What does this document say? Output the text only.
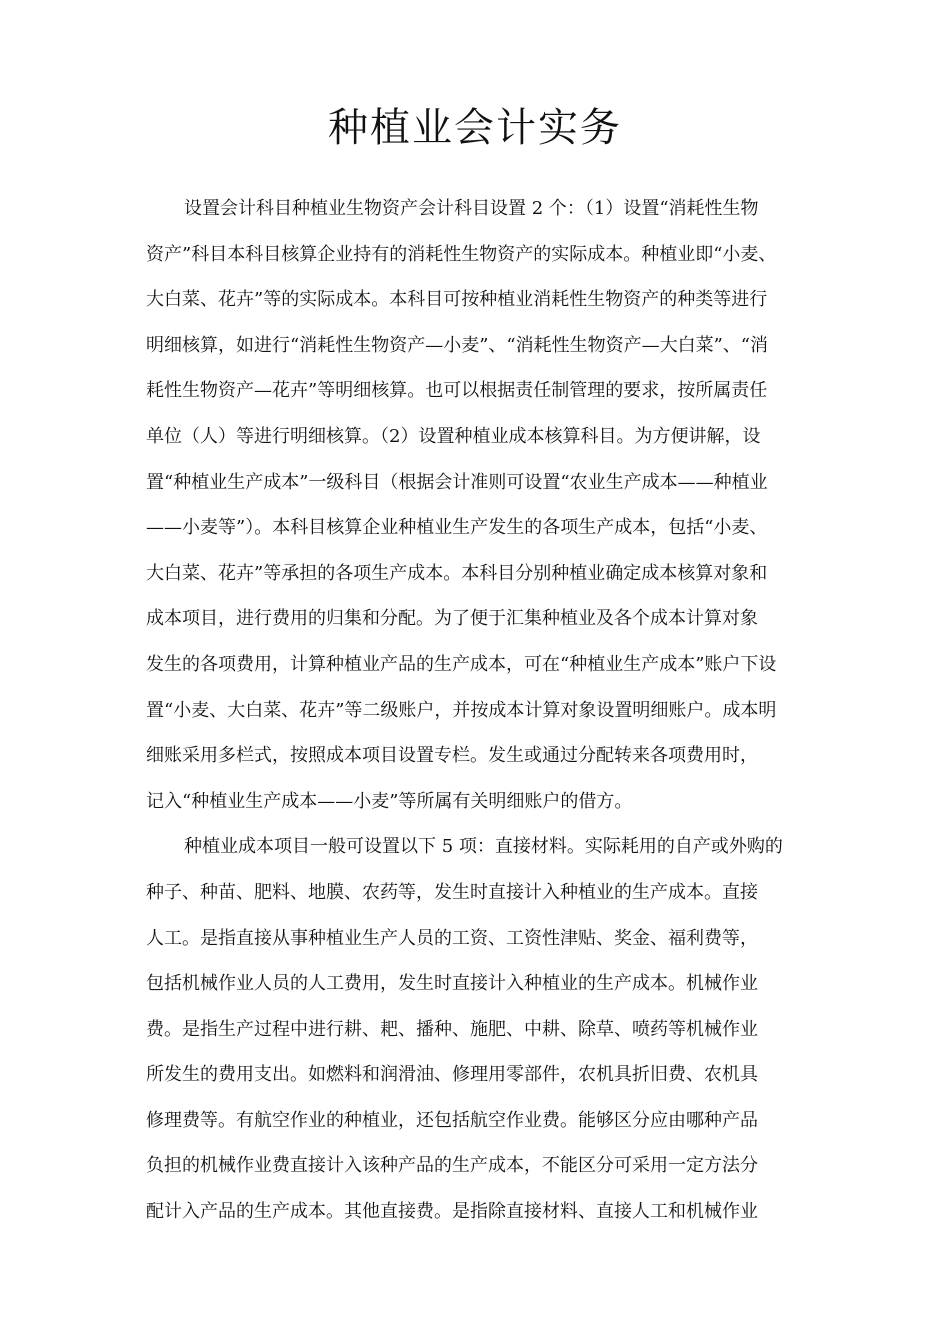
种植业会计实务
设置会计科目种植业生物资产会计科目设置 2 个：（1）设置“消耗性生物
资产”科目本科目核算企业持有的消耗性生物资产的实际成本。种植业即“小麦、
大白菜、花卉”等的实际成本。本科目可按种植业消耗性生物资产的种类等进行
明细核算，如进行“消耗性生物资产—小麦”、“消耗性生物资产—大白菜”、“消
耗性生物资产—花卉”等明细核算。也可以根据责任制管理的要求，按所属责任
单位（人）等进行明细核算。（2）设置种植业成本核算科目。为方便讲解，设
置“种植业生产成本”一级科目（根据会计准则可设置“农业生产成本——种植业
——小麦等”）。本科目核算企业种植业生产发生的各项生产成本，包括“小麦、
大白菜、花卉”等承担的各项生产成本。本科目分别种植业确定成本核算对象和
成本项目，进行费用的归集和分配。为了便于汇集种植业及各个成本计算对象
发生的各项费用，计算种植业产品的生产成本，可在“种植业生产成本”账户下设
置“小麦、大白菜、花卉”等二级账户，并按成本计算对象设置明细账户。成本明
细账采用多栏式，按照成本项目设置专栏。发生或通过分配转来各项费用时，
记入“种植业生产成本——小麦”等所属有关明细账户的借方。
种植业成本项目一般可设置以下 5 项：直接材料。实际耗用的自产或外购的
种子、种苗、肥料、地膜、农药等，发生时直接计入种植业的生产成本。直接
人工。是指直接从事种植业生产人员的工资、工资性津贴、奖金、福利费等，
包括机械作业人员的人工费用，发生时直接计入种植业的生产成本。机械作业
费。是指生产过程中进行耕、耙、播种、施肥、中耕、除草、喷药等机械作业
所发生的费用支出。如燃料和润滑油、修理用零部件，农机具折旧费、农机具
修理费等。有航空作业的种植业，还包括航空作业费。能够区分应由哪种产品
负担的机械作业费直接计入该种产品的生产成本，不能区分可采用一定方法分
配计入产品的生产成本。其他直接费。是指除直接材料、直接人工和机械作业
